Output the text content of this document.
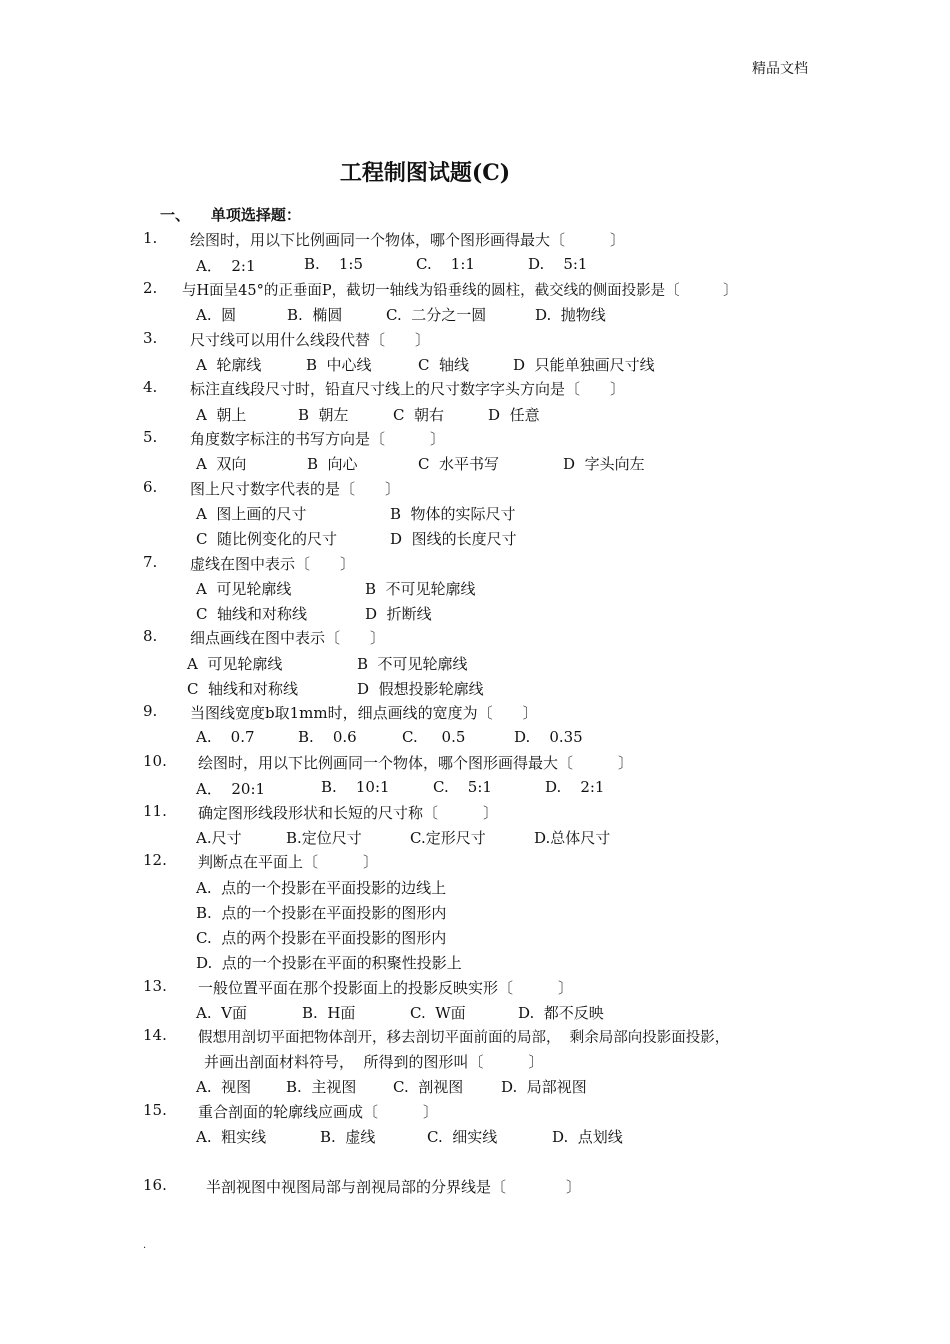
精品文档
工程制图试题(C)
一、    单项选择题：
1. 绘图时，用以下比例画同一个物体，哪个图形画得最大〔　　　〕
A．  2:1	B.    1:5	C.    1:1	D.    5:1
2. 与H面呈45°的正垂面P，截切一轴线为铅垂线的圆柱，截交线的侧面投影是〔　　　〕
A.  圆	B.  椭圆	C.  二分之一圆	D.  抛物线
3. 尺寸线可以用什么线段代替〔　　〕
A  轮廓线	B  中心线	C  轴线	D  只能单独画尺寸线
4. 标注直线段尺寸时，铅直尺寸线上的尺寸数字字头方向是〔　　〕
A  朝上	B  朝左	C  朝右	D  任意
5. 角度数字标注的书写方向是〔　　　〕
A  双向	B  向心	C  水平书写	D  字头向左
6. 图上尺寸数字代表的是〔　　〕
A  图上画的尺寸	B  物体的实际尺寸
C  随比例变化的尺寸	D  图线的长度尺寸
7. 虚线在图中表示〔　　〕
A  可见轮廓线	B  不可见轮廓线
C  轴线和对称线	D  折断线
8. 细点画线在图中表示〔　　〕
A  可见轮廓线	B  不可见轮廓线
C  轴线和对称线	D  假想投影轮廓线
9. 当图线宽度b取1mm时，细点画线的宽度为〔　　〕
A.    0.7	B.    0.6	C.     0.5	D.    0.35
10. 绘图时，用以下比例画同一个物体，哪个图形画得最大〔　　　〕
A．  20:1	B.    10:1	C.    5:1	D.    2:1
11. 确定图形线段形状和长短的尺寸称〔　　　〕
A.尺寸	B.定位尺寸	C.定形尺寸	D.总体尺寸
12. 判断点在平面上〔　　　〕
A.  点的一个投影在平面投影的边线上
B.  点的一个投影在平面投影的图形内
C.  点的两个投影在平面投影的图形内
D.  点的一个投影在平面的积聚性投影上
13. 一般位置平面在那个投影面上的投影反映实形〔　　　〕
A.  V面	B.  H面	C.  W面	D.  都不反映
14. 假想用剖切平面把物体剖开，移去剖切平面前面的局部，  剩余局部向投影面投影，
并画出剖面材料符号，  所得到的图形叫〔　　　〕
A.  视图 B.  主视图 C.  剖视图	D.  局部视图
15. 重合剖面的轮廓线应画成〔　　　〕
A.  粗实线	B.  虚线	C.  细实线	D.  点划线
16.	半剖视图中视图局部与剖视局部的分界线是〔　　　　〕
.
